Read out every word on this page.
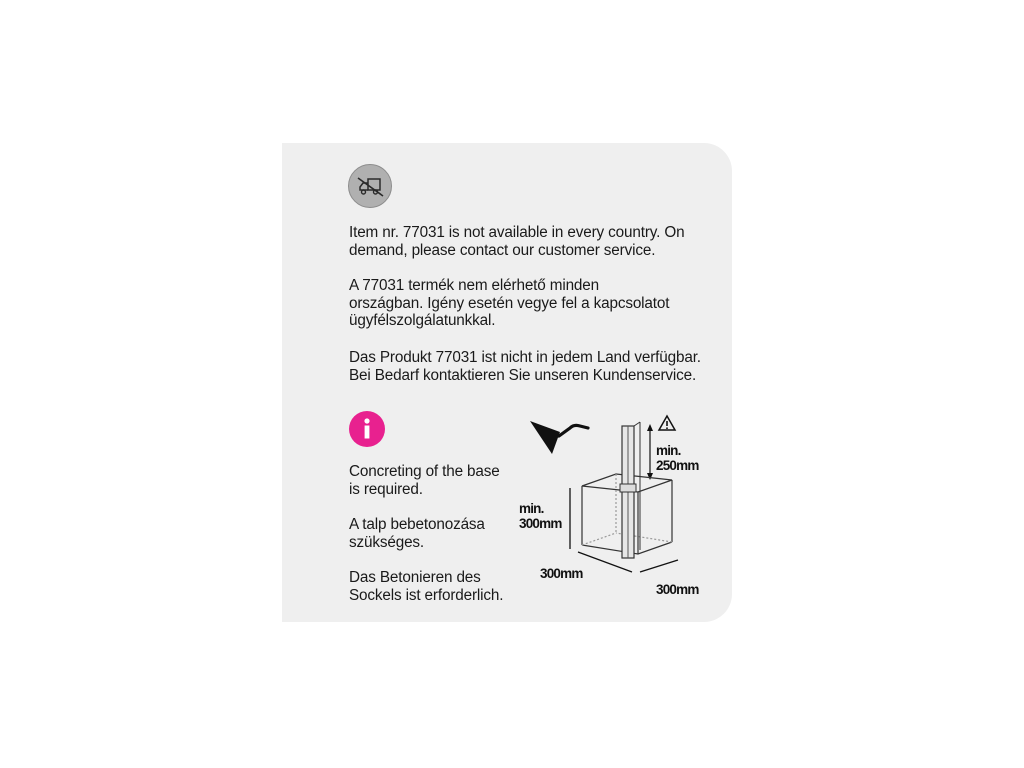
Item nr. 77031 is not available in every country. On
demand, please contact our customer service.

A 77031 termék nem elérhető minden
országban. Igény esetén vegye fel a kapcsolatot
ügyfélszolgálatunkkal.

Das Produkt 77031 ist nicht in jedem Land verfügbar.
Bei Bedarf kontaktieren Sie unseren Kundenservice.

Concreting of the base
is required.

A talp bebetonozása
szükséges.

Das Betonieren des
Sockels ist erforderlich.

min.
250mm
min.
300mm
300mm
300mm
